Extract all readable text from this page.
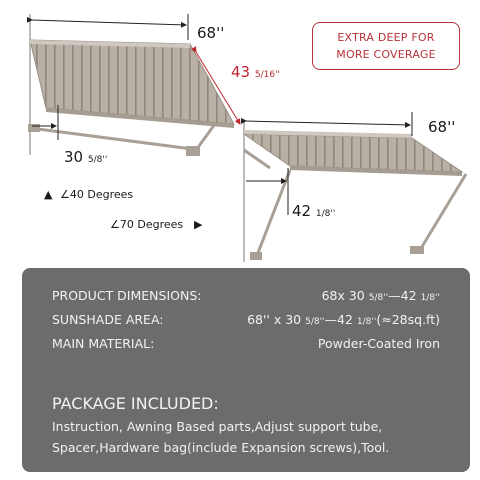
68''
30 5/8''
▲ ∠40 Degrees
43 5/16''
68''
42 1/8''
∠70 Degrees ▶
EXTRA DEEP FOR
MORE COVERAGE
PRODUCT DIMENSIONS:	68x 30 5/8''—42 1/8''
SUNSHADE AREA:	68'' x 30 5/8''—42 1/8''(≈28sq.ft)
MAIN MATERIAL:	Powder-Coated Iron
PACKAGE INCLUDED:
Instruction, Awning Based parts,Adjust support tube,
Spacer,Hardware bag(include Expansion screws),Tool.
